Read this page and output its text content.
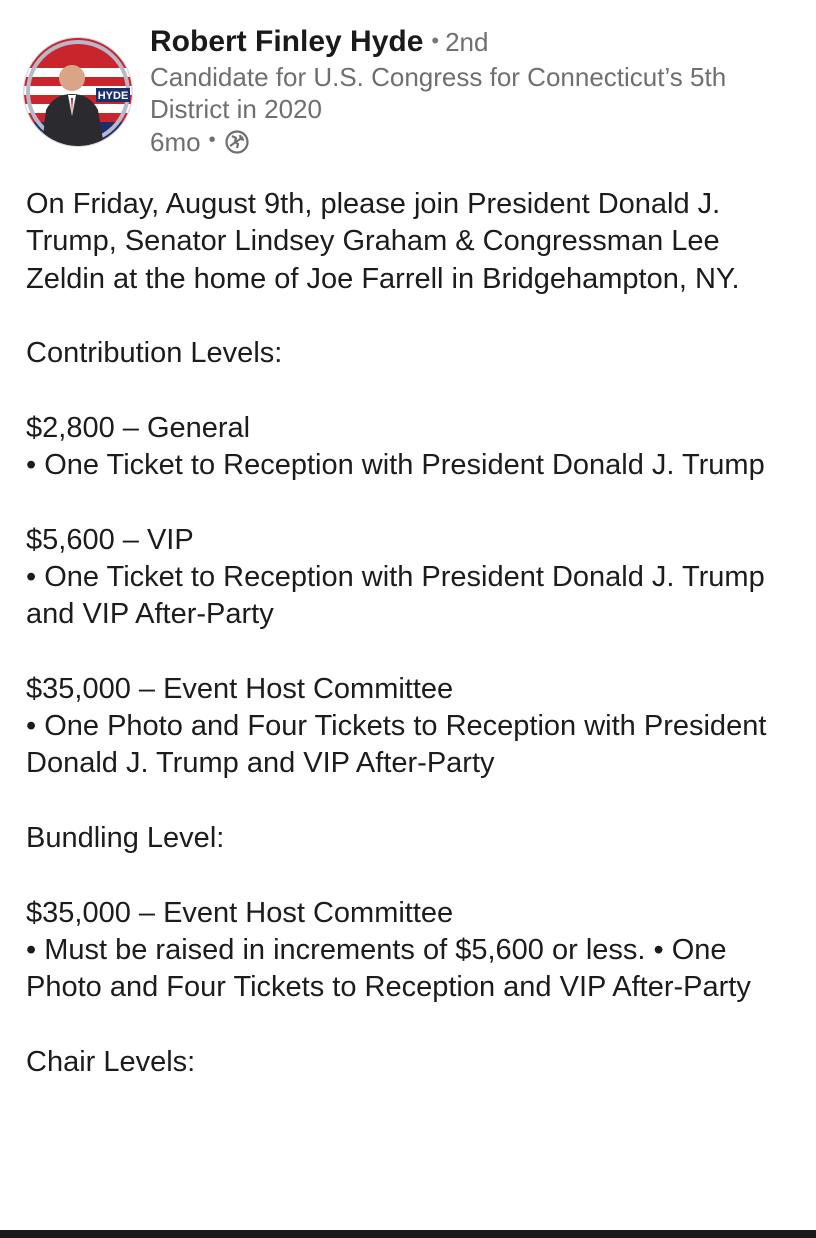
HYDE
Robert Finley Hyde • 2nd
Candidate for U.S. Congress for Connecticut’s 5th District in 2020
6mo •

On Friday, August 9th, please join President Donald J. Trump, Senator Lindsey Graham & Congressman Lee Zeldin at the home of Joe Farrell in Bridgehampton, NY.

Contribution Levels:

$2,800 – General

• One Ticket to Reception with President Donald J. Trump

$5,600 – VIP

• One Ticket to Reception with President Donald J. Trump and VIP After-Party

$35,000 – Event Host Committee

• One Photo and Four Tickets to Reception with President Donald J. Trump and VIP After-Party

Bundling Level:

$35,000 – Event Host Committee

• Must be raised in increments of $5,600 or less. • One Photo and Four Tickets to Reception and VIP After-Party

Chair Levels:
